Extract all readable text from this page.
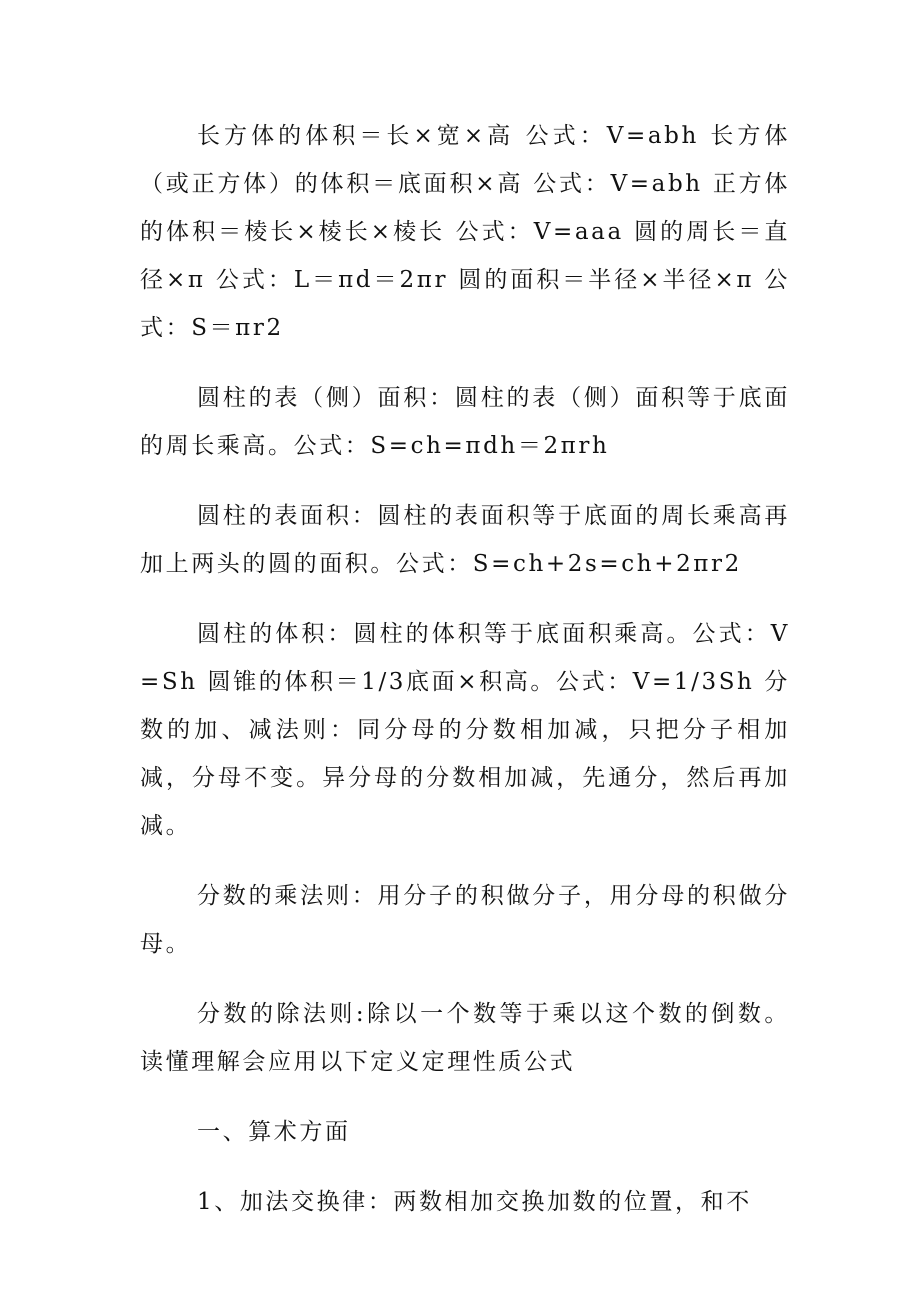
长方体的体积＝长×宽×高 公式：V=abh 长方体（或正方体）的体积＝底面积×高 公式：V=abh 正方体的体积＝棱长×棱长×棱长 公式：V=aaa 圆的周长＝直径×π 公式：L＝πd＝2πr 圆的面积＝半径×半径×π 公式：S＝πr2

圆柱的表（侧）面积：圆柱的表（侧）面积等于底面的周长乘高。公式：S=ch=πdh＝2πrh

圆柱的表面积：圆柱的表面积等于底面的周长乘高再加上两头的圆的面积。公式：S=ch+2s=ch+2πr2

圆柱的体积：圆柱的体积等于底面积乘高。公式：V=Sh 圆锥的体积＝1/3底面×积高。公式：V=1/3Sh 分数的加、减法则：同分母的分数相加减，只把分子相加减，分母不变。异分母的分数相加减，先通分，然后再加减。

分数的乘法则：用分子的积做分子，用分母的积做分母。

分数的除法则:除以一个数等于乘以这个数的倒数。读懂理解会应用以下定义定理性质公式

一、算术方面

1、加法交换律：两数相加交换加数的位置，和不
